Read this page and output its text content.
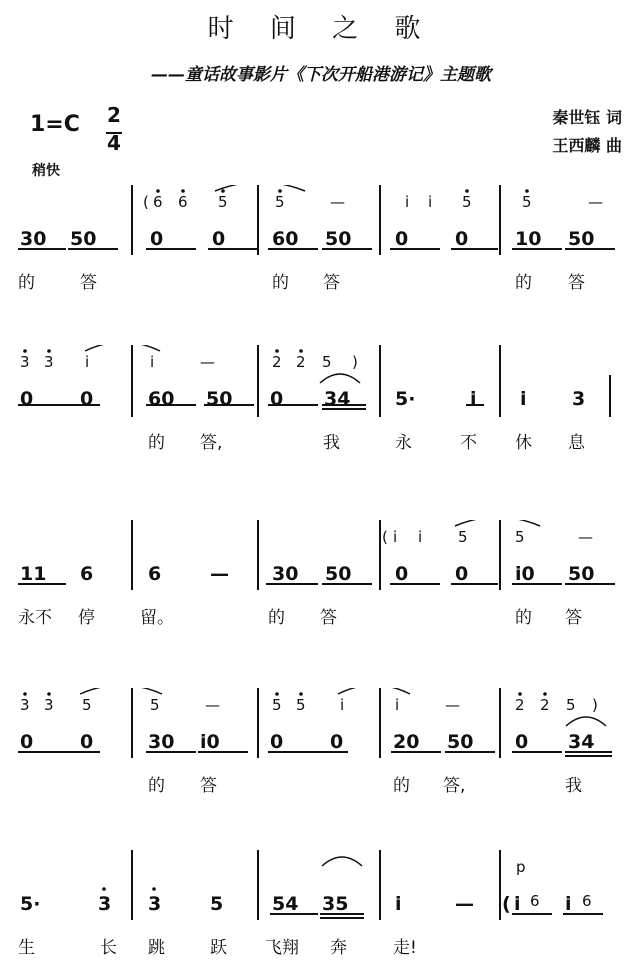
时 间 之 歌
——童话故事影片《下次开船港游记》主题歌
1=C 2
4
秦世钰 词
王西麟 曲
稍快
( 6 6 5	5	—	i i 5	5	—
30 50	0	0 60 50 0 0 10 50
的	答	的 答	的 答
3 3 i	i	—	2 2 5 )
0 0	60 50 0 34 5·	i i 3
的 答,	我	永	不 休 息
( i i 5	5	—
11 6	6	— 30 50 0 0 i0 50
永不 停	留。	的 答	的 答
3 3 5	5	—	5 5 i	i	—	2 2 5 )
0 0	30 i0	0 0	20 50 0 34
的 答	的 答,	我
p
5·	3 3	5	54 35 i	— ( i 6 i 6
生	长 跳	跃 飞翔 奔	走!
